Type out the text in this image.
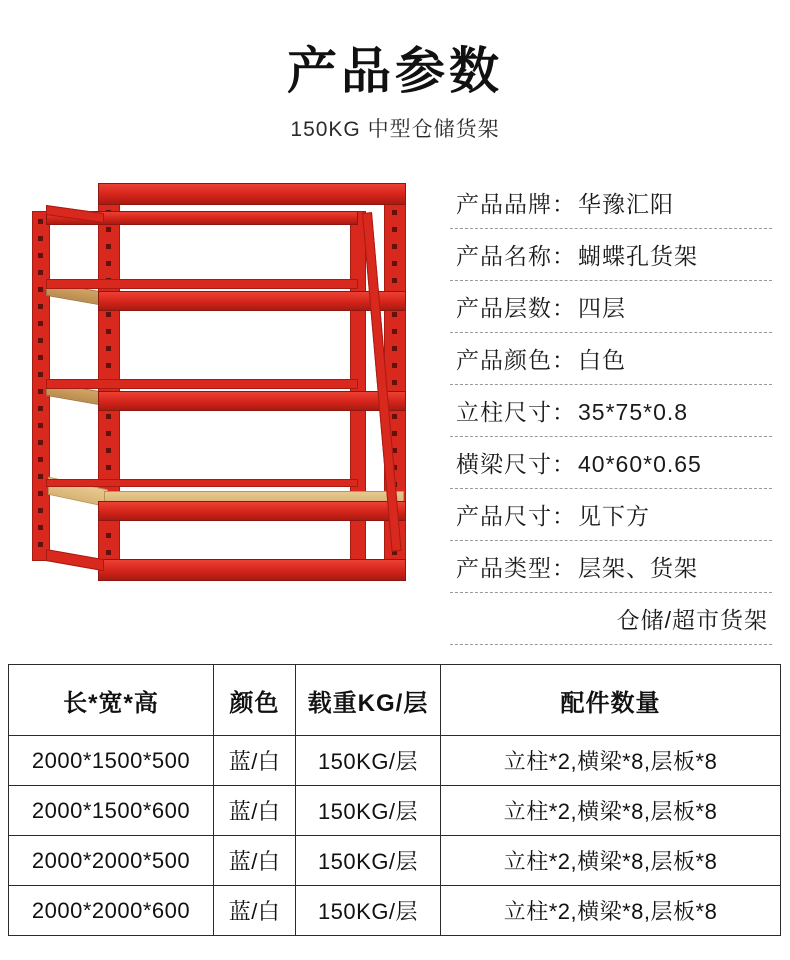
产品参数
150KG 中型仓储货架
产品品牌：华豫汇阳
产品名称：蝴蝶孔货架
产品层数：四层
产品颜色：白色
立柱尺寸：35*75*0.8
横梁尺寸：40*60*0.65
产品尺寸：见下方
产品类型：层架、货架
仓储/超市货架
长*宽*高	颜色	载重KG/层	配件数量
2000*1500*500	蓝/白	150KG/层	立柱*2,横梁*8,层板*8
2000*1500*600	蓝/白	150KG/层	立柱*2,横梁*8,层板*8
2000*2000*500	蓝/白	150KG/层	立柱*2,横梁*8,层板*8
2000*2000*600	蓝/白	150KG/层	立柱*2,横梁*8,层板*8
